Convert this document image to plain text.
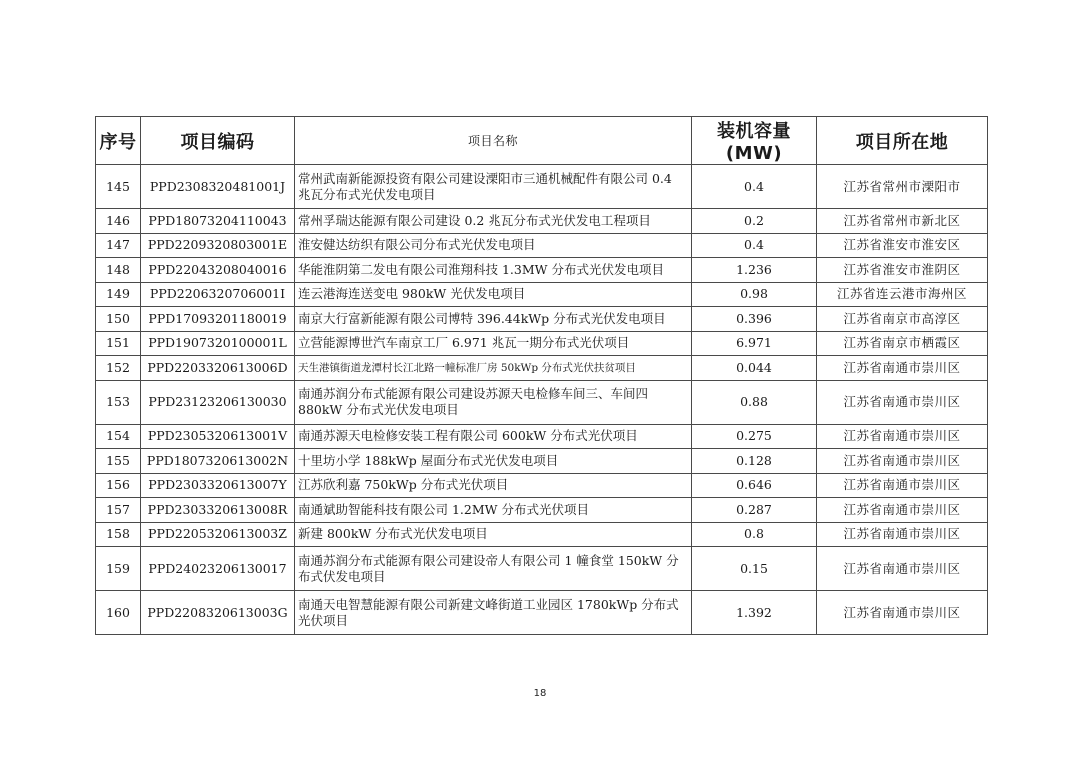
序号	项目编码	项目名称	装机容量(MW)	项目所在地
145	PPD2308320481001J	常州武南新能源投资有限公司建设溧阳市三通机械配件有限公司 0.4 兆瓦分布式光伏发电项目	0.4	江苏省常州市溧阳市
146	PPD18073204110043	常州孚瑞达能源有限公司建设 0.2 兆瓦分布式光伏发电工程项目	0.2	江苏省常州市新北区
147	PPD2209320803001E	淮安健达纺织有限公司分布式光伏发电项目	0.4	江苏省淮安市淮安区
148	PPD22043208040016	华能淮阴第二发电有限公司淮翔科技 1.3MW 分布式光伏发电项目	1.236	江苏省淮安市淮阴区
149	PPD2206320706001I	连云港海连送变电 980kW 光伏发电项目	0.98	江苏省连云港市海州区
150	PPD17093201180019	南京大行富新能源有限公司博特 396.44kWp 分布式光伏发电项目	0.396	江苏省南京市高淳区
151	PPD1907320100001L	立营能源博世汽车南京工厂 6.971 兆瓦一期分布式光伏项目	6.971	江苏省南京市栖霞区
152	PPD2203320613006D	天生港镇街道龙潭村长江北路一幢标准厂房 50kWp 分布式光伏扶贫项目	0.044	江苏省南通市崇川区
153	PPD23123206130030	南通苏润分布式能源有限公司建设苏源天电检修车间三、车间四 880kW 分布式光伏发电项目	0.88	江苏省南通市崇川区
154	PPD2305320613001V	南通苏源天电检修安装工程有限公司 600kW 分布式光伏项目	0.275	江苏省南通市崇川区
155	PPD1807320613002N	十里坊小学 188kWp 屋面分布式光伏发电项目	0.128	江苏省南通市崇川区
156	PPD2303320613007Y	江苏欣利嘉 750kWp 分布式光伏项目	0.646	江苏省南通市崇川区
157	PPD2303320613008R	南通斌助智能科技有限公司 1.2MW 分布式光伏项目	0.287	江苏省南通市崇川区
158	PPD2205320613003Z	新建 800kW 分布式光伏发电项目	0.8	江苏省南通市崇川区
159	PPD24023206130017	南通苏润分布式能源有限公司建设帝人有限公司 1 幢食堂 150kW 分布式伏发电项目	0.15	江苏省南通市崇川区
160	PPD2208320613003G	南通天电智慧能源有限公司新建文峰街道工业园区 1780kWp 分布式光伏项目	1.392	江苏省南通市崇川区
18
